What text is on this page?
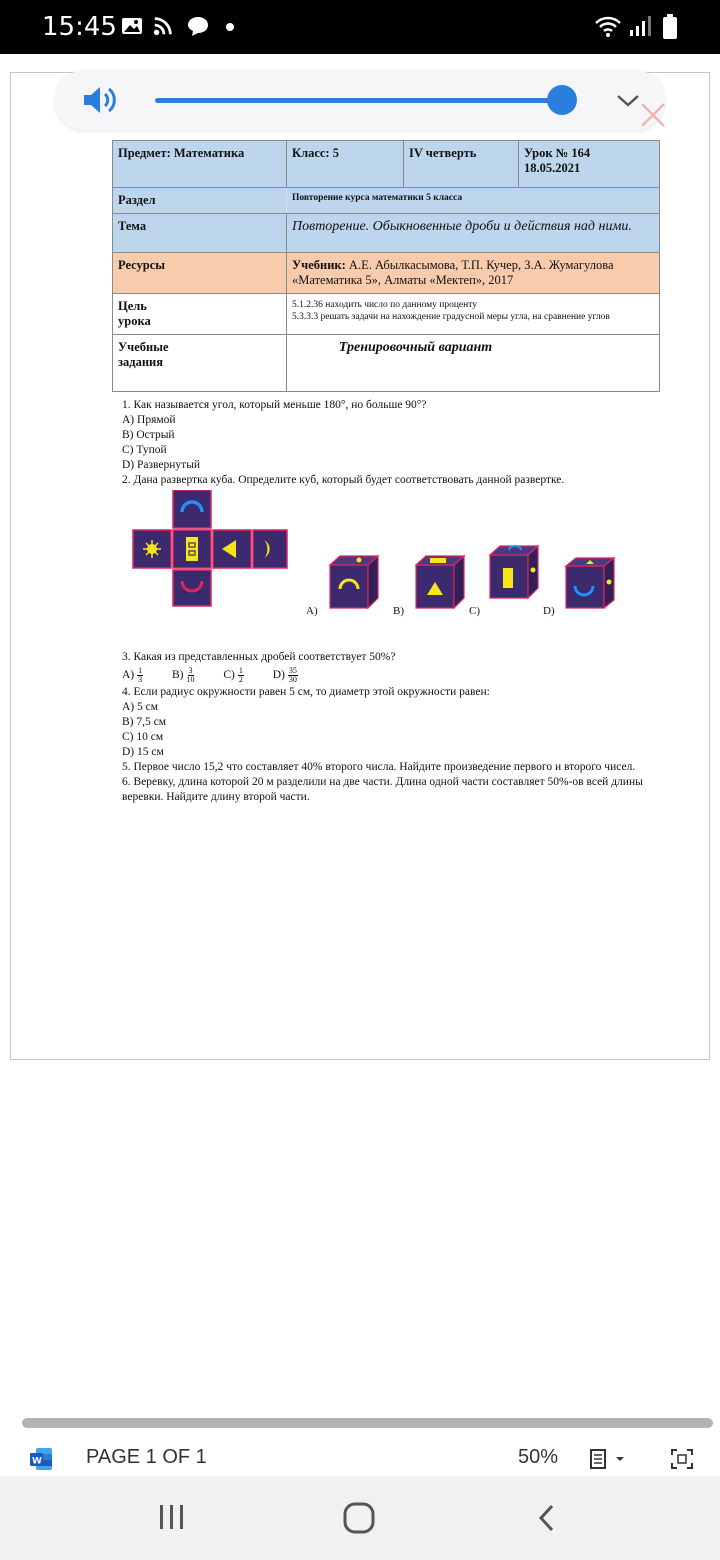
15:45
Предмет: Математика	Класс: 5	IV четверть	Урок № 164
18.05.2021
Раздел	Повторение курса математики 5 класса		
Тема	Повторение. Обыкновенные дроби и действия над ними.		
Ресурсы	Учебник: А.Е. Абылкасымова, Т.П. Кучер, З.А. Жумагулова «Математика 5», Алматы «Мектеп», 2017		
Цель
урока	5.1.2.36 находить число по данному проценту
5.3.3.3 решать задачи на нахождение градусной меры угла, на сравнение углов		
Учебные
задания	Тренировочный вариант		
1. Как называется угол, который меньше 180°, но больше 90°?
А) Прямой
В) Острый
С) Тупой
D) Развернутый
2. Дана развертка куба. Определите куб, который будет соответствовать данной развертке.
3. Какая из представленных дробей соответствует 50%?
$А) \frac{1}{3}$	$В) \frac{3}{10}$	$С) \frac{1}{2}$	$D) \frac{35}{30}$
4. Если радиус окружности равен 5 см, то диаметр этой окружности равен:
А) 5 см
В) 7,5 см
С) 10 см
D) 15 см
5. Первое число 15,2 что составляет 40% второго числа. Найдите произведение первого и второго чисел.
6. Веревку, длина которой 20 м разделили на две части. Длина одной части составляет 50%-ов всей длины веревки. Найдите длину второй части.
A)	B)	C)	D)
W PAGE 1 OF 1	50%
